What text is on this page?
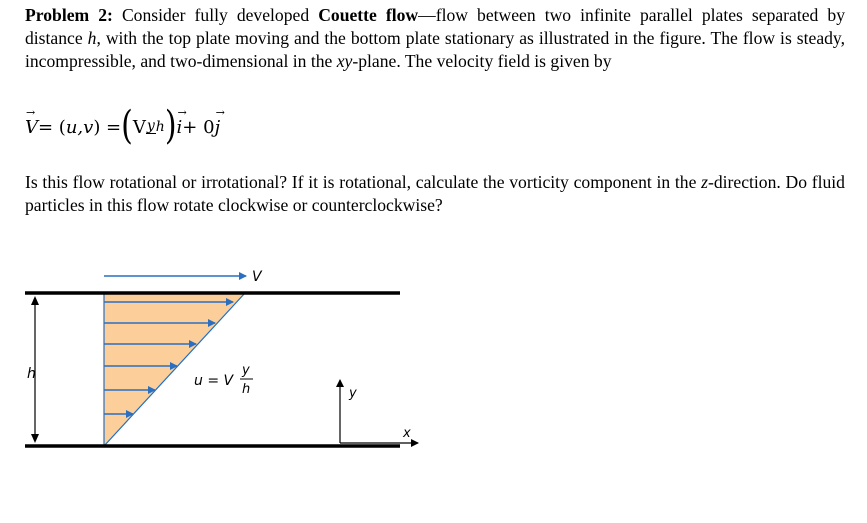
Problem 2: Consider fully developed Couette flow—flow between two infinite parallel plates separated by distance h, with the top plate moving and the bottom plate stationary as illustrated in the figure. The flow is steady, incompressible, and two-dimensional in the xy-plane. The velocity field is given by
→ V= (u,v) =(Vyh)→ i+ 0→ j
Is this flow rotational or irrotational? If it is rotational, calculate the vorticity component in the z-direction. Do fluid particles in this flow rotate clockwise or counterclockwise?
V
h	u = V
y
h	y
x
